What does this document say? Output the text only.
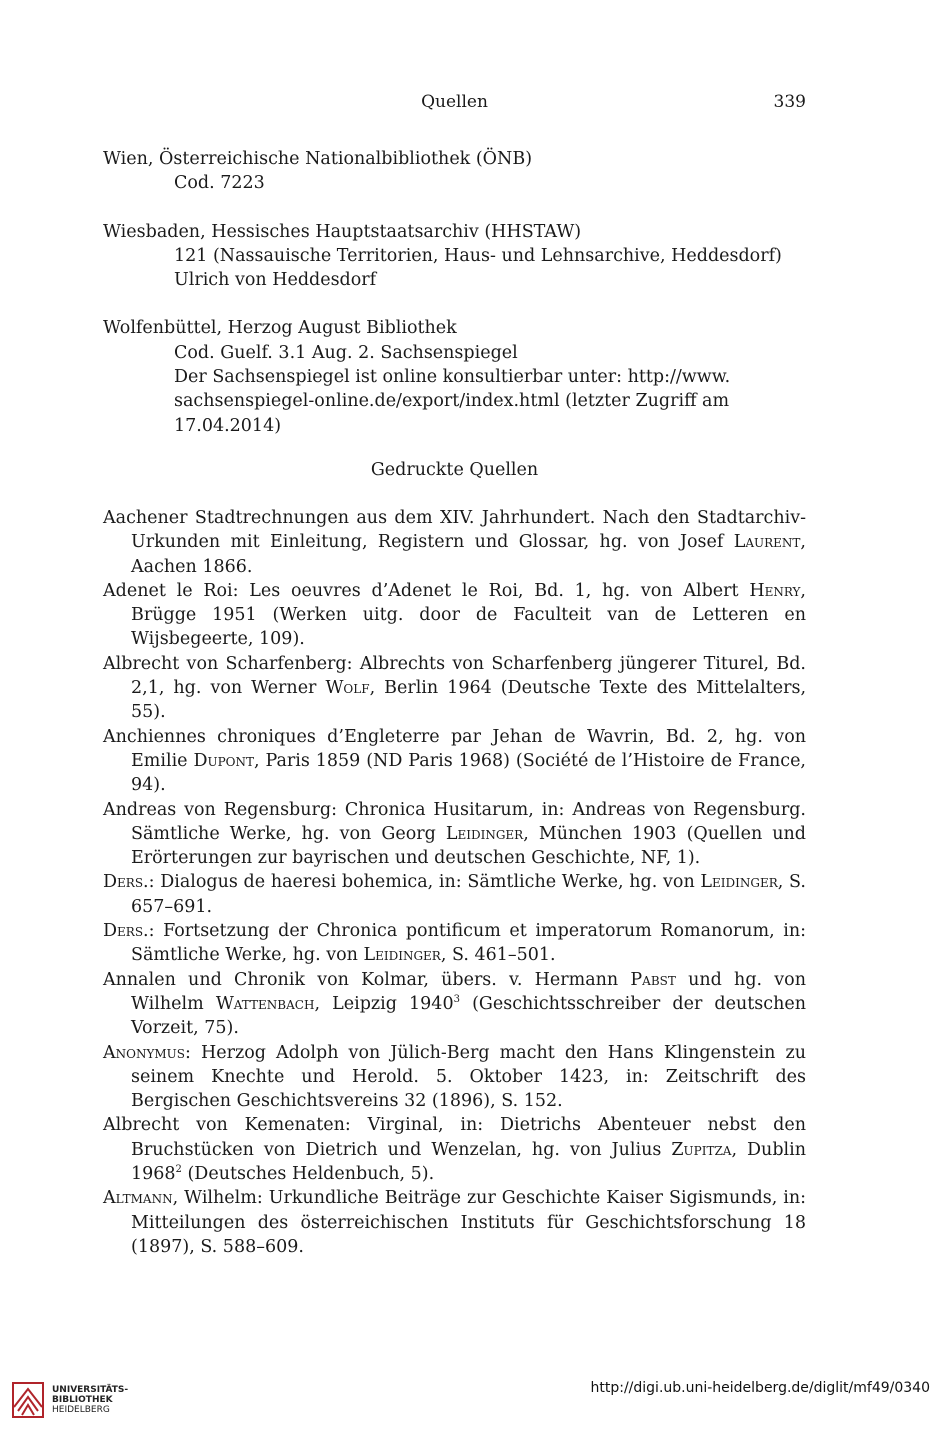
Quellen	339
Wien, Österreichische Nationalbibliothek (ÖNB)
Cod. 7223
Wiesbaden, Hessisches Hauptstaatsarchiv (HHSTAW)
121 (Nassauische Territorien, Haus- und Lehnsarchive, Heddesdorf)
Ulrich von Heddesdorf
Wolfenbüttel, Herzog August Bibliothek
Cod. Guelf. 3.1 Aug. 2. Sachsenspiegel
Der Sachsenspiegel ist online konsultierbar unter: http://www.
sachsenspiegel-online.de/export/index.html (letzter Zugriff am
17.04.2014)
Gedruckte Quellen
Aachener Stadtrechnungen aus dem XIV. Jahrhundert. Nach den Stadtarchiv-Urkunden mit Einleitung, Registern und Glossar, hg. von Josef Laurent, Aachen 1866.
Adenet le Roi: Les oeuvres d’Adenet le Roi, Bd. 1, hg. von Albert Henry, Brügge 1951 (Werken uitg. door de Faculteit van de Letteren en Wijsbegeerte, 109).
Albrecht von Scharfenberg: Albrechts von Scharfenberg jüngerer Titurel, Bd. 2,1, hg. von Werner Wolf, Berlin 1964 (Deutsche Texte des Mittelalters, 55).
Anchiennes chroniques d’Engleterre par Jehan de Wavrin, Bd. 2, hg. von Emilie Dupont, Paris 1859 (ND Paris 1968) (Société de l’Histoire de France, 94).
Andreas von Regensburg: Chronica Husitarum, in: Andreas von Regensburg. Sämtliche Werke, hg. von Georg Leidinger, München 1903 (Quellen und Erörterungen zur bayrischen und deutschen Geschichte, NF, 1).
Ders.: Dialogus de haeresi bohemica, in: Sämtliche Werke, hg. von Leidinger, S. 657–691.
Ders.: Fortsetzung der Chronica pontificum et imperatorum Romanorum, in: Sämtliche Werke, hg. von Leidinger, S. 461–501.
Annalen und Chronik von Kolmar, übers. v. Hermann Pabst und hg. von Wilhelm Wattenbach, Leipzig 1940$^3$ (Geschichtsschreiber der deutschen Vorzeit, 75).
Anonymus: Herzog Adolph von Jülich-Berg macht den Hans Klingenstein zu seinem Knechte und Herold. 5. Oktober 1423, in: Zeitschrift des Bergischen Geschichtsvereins 32 (1896), S. 152.
Albrecht von Kemenaten: Virginal, in: Dietrichs Abenteuer nebst den Bruchstücken von Dietrich und Wenzelan, hg. von Julius Zupitza, Dublin 1968$^2$ (Deutsches Heldenbuch, 5).
Altmann, Wilhelm: Urkundliche Beiträge zur Geschichte Kaiser Sigismunds, in: Mitteilungen des österreichischen Instituts für Geschichtsforschung 18 (1897), S. 588–609.
UNIVERSITÄTS-
BIBLIOTHEK
HEIDELBERG
http://digi.ub.uni-heidelberg.de/diglit/mf49/0340
